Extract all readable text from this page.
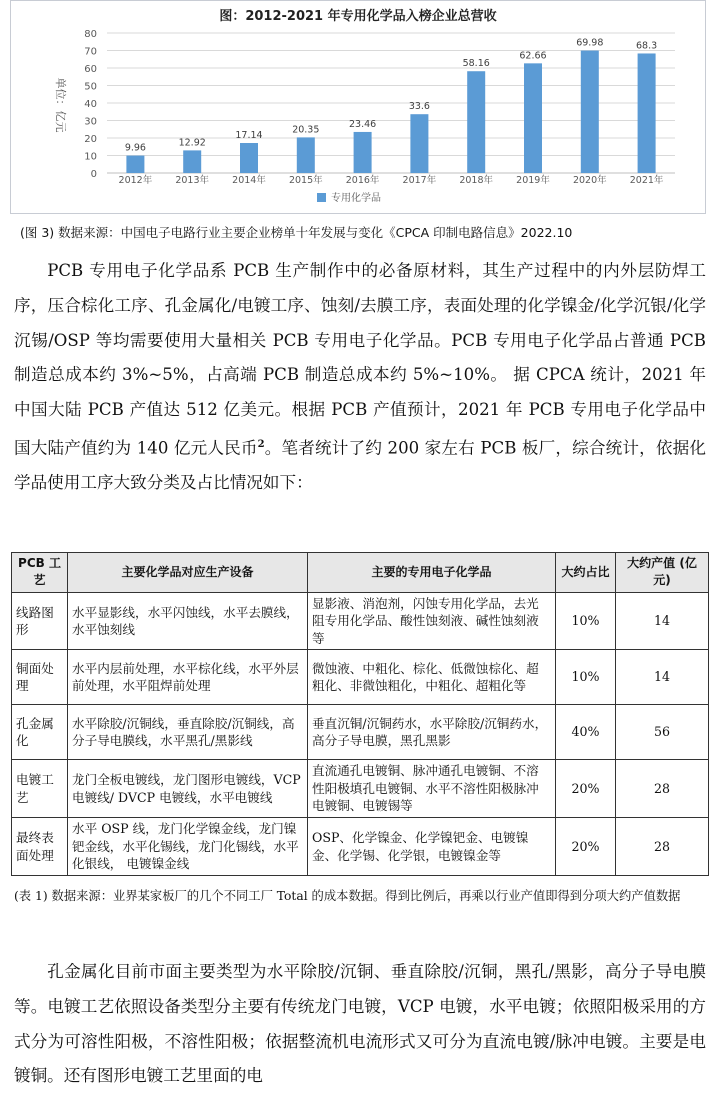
图：2012-2021 年专用化学品入榜企业总营收
0
10
20
30
40
50
60
70
80
9.96
2012年
12.92
2013年
17.14
2014年
20.35
2015年
23.46
2016年
33.6
2017年
58.16
2018年
62.66
2019年
69.98
2020年
68.3
2021年
单位：亿元
专用化学品
(图 3) 数据来源：中国电子电路行业主要企业榜单十年发展与变化《CPCA 印制电路信息》2022.10

PCB 专用电子化学品系 PCB 生产制作中的必备原材料，其生产过程中的内外层防焊工序，压合棕化工序、孔金属化/电镀工序、蚀刻/去膜工序，表面处理的化学镍金/化学沉银/化学沉锡/OSP 等均需要使用大量相关 PCB 专用电子化学品。PCB 专用电子化学品占普通 PCB 制造总成本约 3%~5%，占高端 PCB 制造总成本约 5%~10%。 据 CPCA 统计，2021 年中国大陆 PCB 产值达 512 亿美元。根据 PCB 产值预计，2021 年 PCB 专用电子化学品中国大陆产值约为 140 亿元人民币$^2$。笔者统计了约 200 家左右 PCB 板厂，综合统计，依据化学品使用工序大致分类及占比情况如下：

PCB 工艺	主要化学品对应生产设备	主要的专用电子化学品	大约占比	大约产值 (亿元)
线路图形	水平显影线，水平闪蚀线，水平去膜线，水平蚀刻线	显影液、消泡剂，闪蚀专用化学品，去光阻专用化学品、酸性蚀刻液、碱性蚀刻液等	10%	14
铜面处理	水平内层前处理，水平棕化线，水平外层前处理，水平阻焊前处理	微蚀液、中粗化、棕化、低微蚀棕化、超粗化、非微蚀粗化，中粗化、超粗化等	10%	14
孔金属化	水平除胶/沉铜线，垂直除胶/沉铜线，高分子导电膜线，水平黑孔/黑影线	垂直沉铜/沉铜药水，水平除胶/沉铜药水，高分子导电膜，黑孔黑影	40%	56
电镀工艺	龙门全板电镀线，龙门图形电镀线，VCP 电镀线/ DVCP 电镀线，水平电镀线	直流通孔电镀铜、脉冲通孔电镀铜、不溶性阳极填孔电镀铜、水平不溶性阳极脉冲电镀铜、电镀锡等	20%	28
最终表面处理	水平 OSP 线，龙门化学镍金线，龙门镍钯金线，水平化锡线，龙门化锡线，水平化银线， 电镀镍金线	OSP、化学镍金、化学镍钯金、电镀镍金、化学锡、化学银，电镀镍金等	20%	28
(表 1) 数据来源：业界某家板厂的几个不同工厂 Total 的成本数据。得到比例后，再乘以行业产值即得到分项大约产值数据

孔金属化目前市面主要类型为水平除胶/沉铜、垂直除胶/沉铜，黑孔/黑影，高分子导电膜等。电镀工艺依照设备类型分主要有传统龙门电镀，VCP 电镀，水平电镀；依照阳极采用的方式分为可溶性阳极，不溶性阳极；依据整流机电流形式又可分为直流电镀/脉冲电镀。主要是电镀铜。还有图形电镀工艺里面的电
